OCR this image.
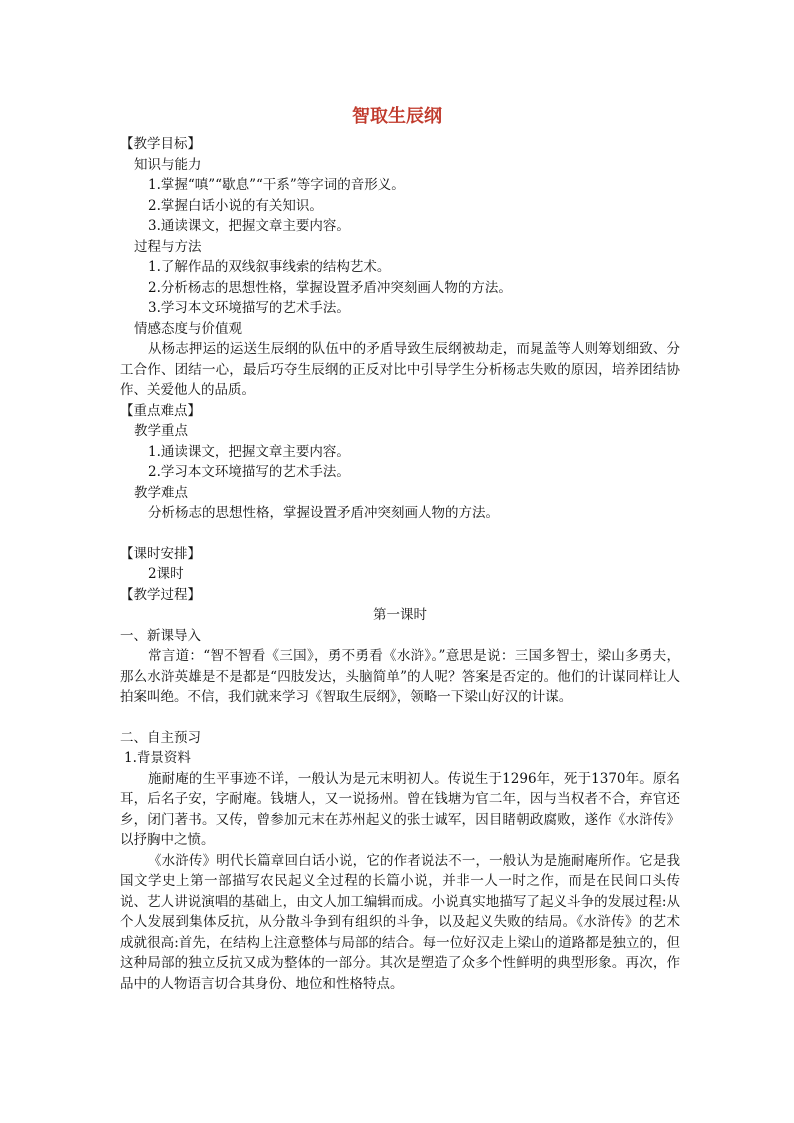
智取生辰纲
【教学目标】
知识与能力
1.掌握“嗔”“歇息”“干系”等字词的音形义。
2.掌握白话小说的有关知识。
3.通读课文，把握文章主要内容。
过程与方法
1.了解作品的双线叙事线索的结构艺术。
2.分析杨志的思想性格，掌握设置矛盾冲突刻画人物的方法。
3.学习本文环境描写的艺术手法。
情感态度与价值观
从杨志押运的运送生辰纲的队伍中的矛盾导致生辰纲被劫走，而晁盖等人则筹划细致、分工合作、团结一心，最后巧夺生辰纲的正反对比中引导学生分析杨志失败的原因，培养团结协作、关爱他人的品质。
【重点难点】
教学重点
1.通读课文，把握文章主要内容。
2.学习本文环境描写的艺术手法。
教学难点
分析杨志的思想性格，掌握设置矛盾冲突刻画人物的方法。
【课时安排】
2课时
【教学过程】
第一课时
一、新课导入
常言道：“智不智看《三国》，勇不勇看《水浒》。”意思是说：三国多智士，梁山多勇夫，那么水浒英雄是不是都是“四肢发达，头脑简单”的人呢？答案是否定的。他们的计谋同样让人拍案叫绝。不信，我们就来学习《智取生辰纲》，领略一下梁山好汉的计谋。
二、自主预习
1.背景资料
施耐庵的生平事迹不详，一般认为是元末明初人。传说生于1296年，死于1370年。原名耳，后名子安，字耐庵。钱塘人，又一说扬州。曾在钱塘为官二年，因与当权者不合，弃官还乡，闭门著书。又传，曾参加元末在苏州起义的张士诚军，因目睹朝政腐败，遂作《水浒传》以抒胸中之愤。
《水浒传》明代长篇章回白话小说，它的作者说法不一，一般认为是施耐庵所作。它是我国文学史上第一部描写农民起义全过程的长篇小说，并非一人一时之作，而是在民间口头传说、艺人讲说演唱的基础上，由文人加工编辑而成。小说真实地描写了起义斗争的发展过程:从个人发展到集体反抗，从分散斗争到有组织的斗争，以及起义失败的结局。《水浒传》的艺术成就很高:首先，在结构上注意整体与局部的结合。每一位好汉走上梁山的道路都是独立的，但这种局部的独立反抗又成为整体的一部分。其次是塑造了众多个性鲜明的典型形象。再次，作品中的人物语言切合其身份、地位和性格特点。
